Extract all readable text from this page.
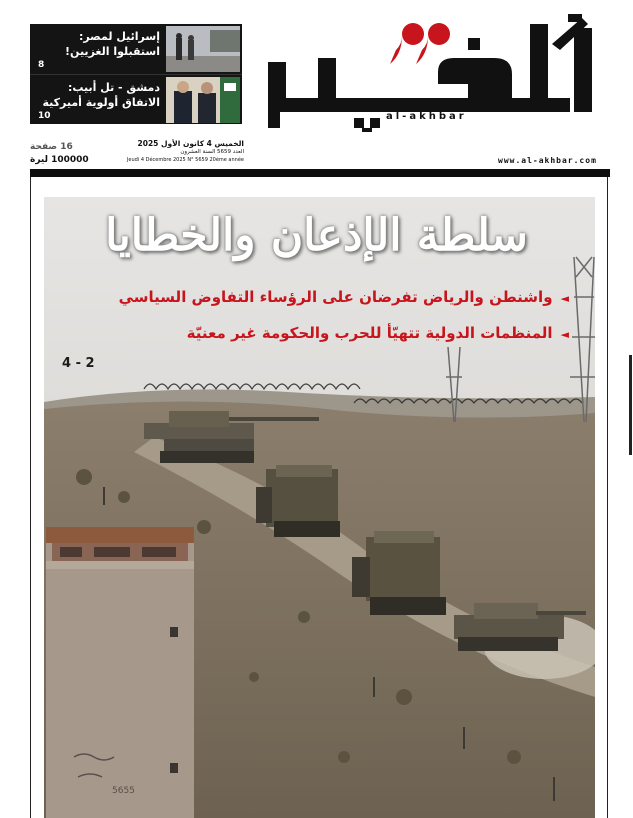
إسرائيل لمصر:
استقبلوا الغزيين!
8
دمشق - تل أبيب:
الاتفاق أولوية أميركية
10	al-akhbar
الخميس 4 كانون الأول 2025
العدد 5659 السنة العشرون
Jeudi 4 Décembre 2025 N° 5659 20ème année
16 صفحة
100000 ليرة	www.al-akhbar.com
5655
سلطة الإذعان والخطايا
◄واشنطن والرياض تفرضان على الرؤساء التفاوض السياسي
◄المنظمات الدولية تتهيّأ للحرب والحكومة غير معنيّة
4 - 2
